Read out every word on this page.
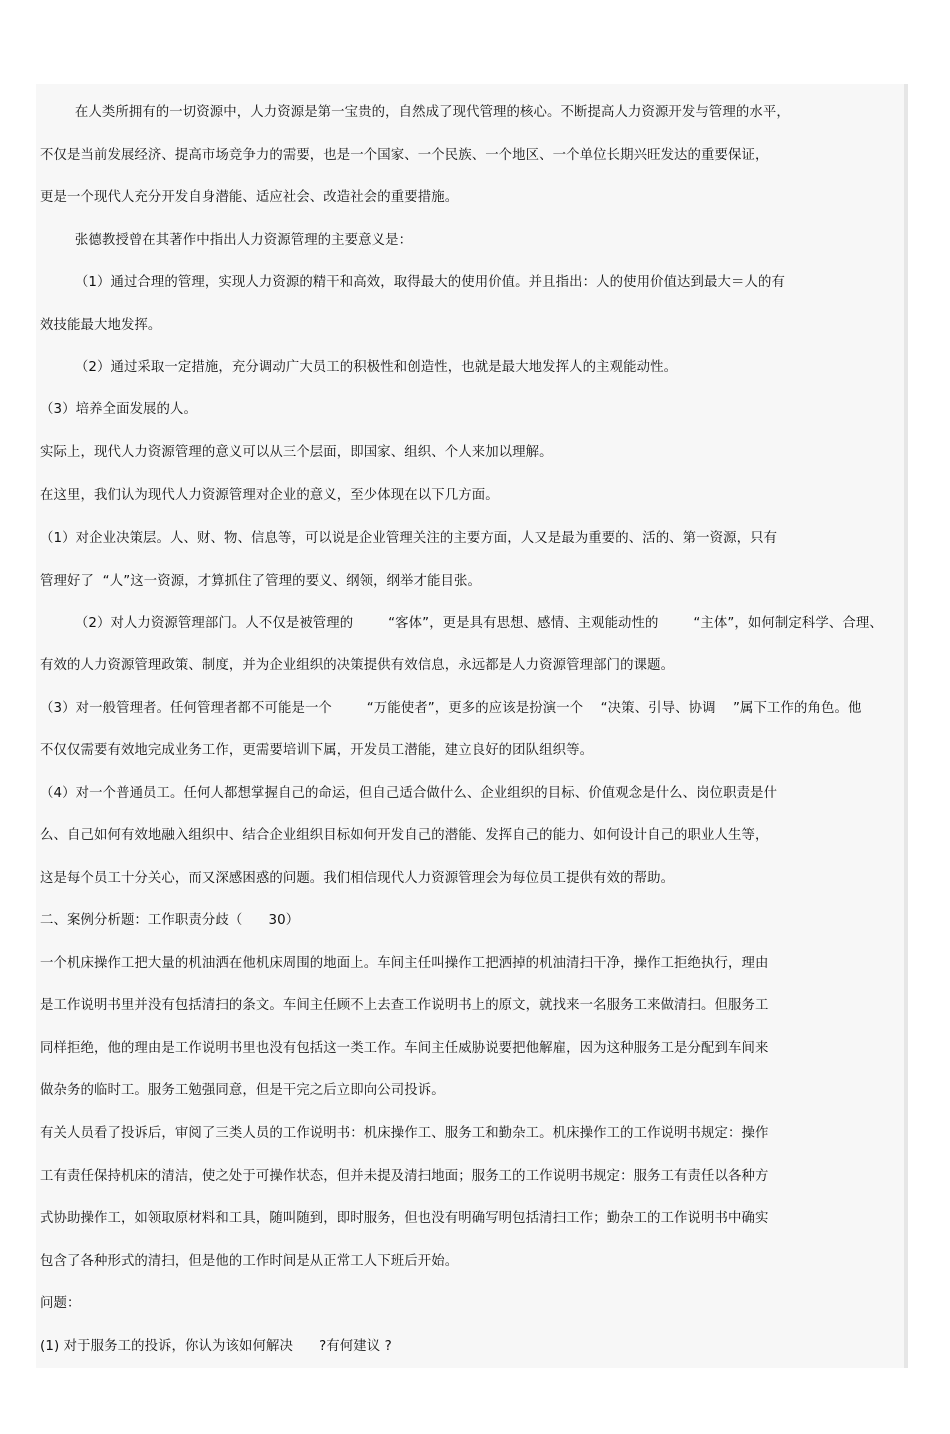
在人类所拥有的一切资源中，人力资源是第一宝贵的，自然成了现代管理的核心。不断提高人力资源开发与管理的水平，
不仅是当前发展经济、提高市场竞争力的需要，也是一个国家、一个民族、一个地区、一个单位长期兴旺发达的重要保证，
更是一个现代人充分开发自身潜能、适应社会、改造社会的重要措施。
张德教授曾在其著作中指出人力资源管理的主要意义是：
（1）通过合理的管理，实现人力资源的精干和高效，取得最大的使用价值。并且指出：人的使用价值达到最大＝人的有
效技能最大地发挥。
（2）通过采取一定措施，充分调动广大员工的积极性和创造性，也就是最大地发挥人的主观能动性。
（3）培养全面发展的人。
实际上，现代人力资源管理的意义可以从三个层面，即国家、组织、个人来加以理解。
在这里，我们认为现代人力资源管理对企业的意义，至少体现在以下几方面。
（1）对企业决策层。人、财、物、信息等，可以说是企业管理关注的主要方面，人又是最为重要的、活的、第一资源，只有
管理好了  “人”这一资源，才算抓住了管理的要义、纲领，纲举才能目张。
（2）对人力资源管理部门。人不仅是被管理的        “客体”，更是具有思想、感情、主观能动性的        “主体”，如何制定科学、合理、
有效的人力资源管理政策、制度，并为企业组织的决策提供有效信息，永远都是人力资源管理部门的课题。
（3）对一般管理者。任何管理者都不可能是一个        “万能使者”，更多的应该是扮演一个    “决策、引导、协调    ”属下工作的角色。他
不仅仅需要有效地完成业务工作，更需要培训下属，开发员工潜能，建立良好的团队组织等。
（4）对一个普通员工。任何人都想掌握自己的命运，但自己适合做什么、企业组织的目标、价值观念是什么、岗位职责是什
么、自己如何有效地融入组织中、结合企业组织目标如何开发自己的潜能、发挥自己的能力、如何设计自己的职业人生等，
这是每个员工十分关心，而又深感困惑的问题。我们相信现代人力资源管理会为每位员工提供有效的帮助。
二、案例分析题：工作职责分歧（      30）
一个机床操作工把大量的机油洒在他机床周围的地面上。车间主任叫操作工把洒掉的机油清扫干净，操作工拒绝执行，理由
是工作说明书里并没有包括清扫的条文。车间主任顾不上去查工作说明书上的原文，就找来一名服务工来做清扫。但服务工
同样拒绝，他的理由是工作说明书里也没有包括这一类工作。车间主任威胁说要把他解雇，因为这种服务工是分配到车间来
做杂务的临时工。服务工勉强同意，但是干完之后立即向公司投诉。
有关人员看了投诉后，审阅了三类人员的工作说明书：机床操作工、服务工和勤杂工。机床操作工的工作说明书规定：操作
工有责任保持机床的清洁，使之处于可操作状态，但并未提及清扫地面；服务工的工作说明书规定：服务工有责任以各种方
式协助操作工，如领取原材料和工具，随叫随到，即时服务，但也没有明确写明包括清扫工作；勤杂工的工作说明书中确实
包含了各种形式的清扫，但是他的工作时间是从正常工人下班后开始。
问题：
(1) 对于服务工的投诉，你认为该如何解决      ?有何建议 ?
